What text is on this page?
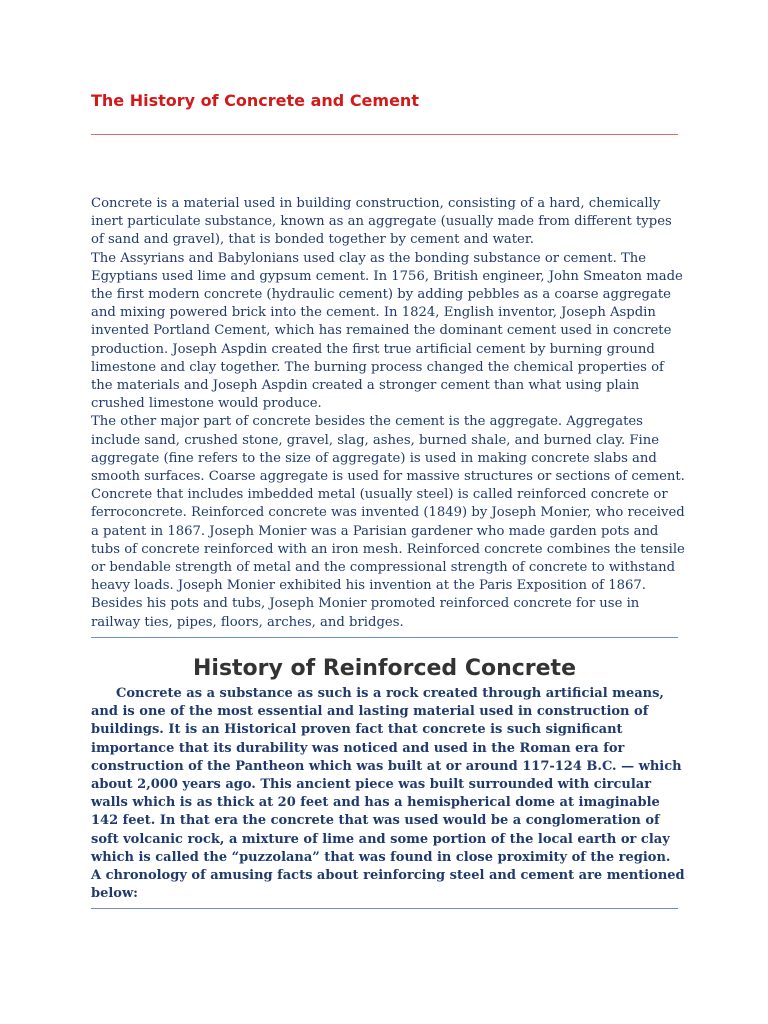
The History of Concrete and Cement

Concrete is a material used in building construction, consisting of a hard, chemically inert particulate substance, known as an aggregate (usually made from different types of sand and gravel), that is bonded together by cement and water.

The Assyrians and Babylonians used clay as the bonding substance or cement. The Egyptians used lime and gypsum cement. In 1756, British engineer, John Smeaton made the first modern concrete (hydraulic cement) by adding pebbles as a coarse aggregate and mixing powered brick into the cement. In 1824, English inventor, Joseph Aspdin invented Portland Cement, which has remained the dominant cement used in concrete production. Joseph Aspdin created the first true artificial cement by burning ground limestone and clay together. The burning process changed the chemical properties of the materials and Joseph Aspdin created a stronger cement than what using plain crushed limestone would produce.

The other major part of concrete besides the cement is the aggregate. Aggregates include sand, crushed stone, gravel, slag, ashes, burned shale, and burned clay. Fine aggregate (fine refers to the size of aggregate) is used in making concrete slabs and smooth surfaces. Coarse aggregate is used for massive structures or sections of cement. Concrete that includes imbedded metal (usually steel) is called reinforced concrete or ferroconcrete. Reinforced concrete was invented (1849) by Joseph Monier, who received a patent in 1867. Joseph Monier was a Parisian gardener who made garden pots and tubs of concrete reinforced with an iron mesh. Reinforced concrete combines the tensile or bendable strength of metal and the compressional strength of concrete to withstand heavy loads. Joseph Monier exhibited his invention at the Paris Exposition of 1867. Besides his pots and tubs, Joseph Monier promoted reinforced concrete for use in railway ties, pipes, floors, arches, and bridges.

History of Reinforced Concrete

Concrete as a substance as such is a rock created through artificial means, and is one of the most essential and lasting material used in construction of buildings. It is an Historical proven fact that concrete is such significant importance that its durability was noticed and used in the Roman era for construction of the Pantheon which was built at or around 117-124 B.C. — which about 2,000 years ago. This ancient piece was built surrounded with circular walls which is as thick at 20 feet and has a hemispherical dome at imaginable 142 feet. In that era the concrete that was used would be a conglomeration of soft volcanic rock, a mixture of lime and some portion of the local earth or clay which is called the “puzzolana” that was found in close proximity of the region.

A chronology of amusing facts about reinforcing steel and cement are mentioned below:
